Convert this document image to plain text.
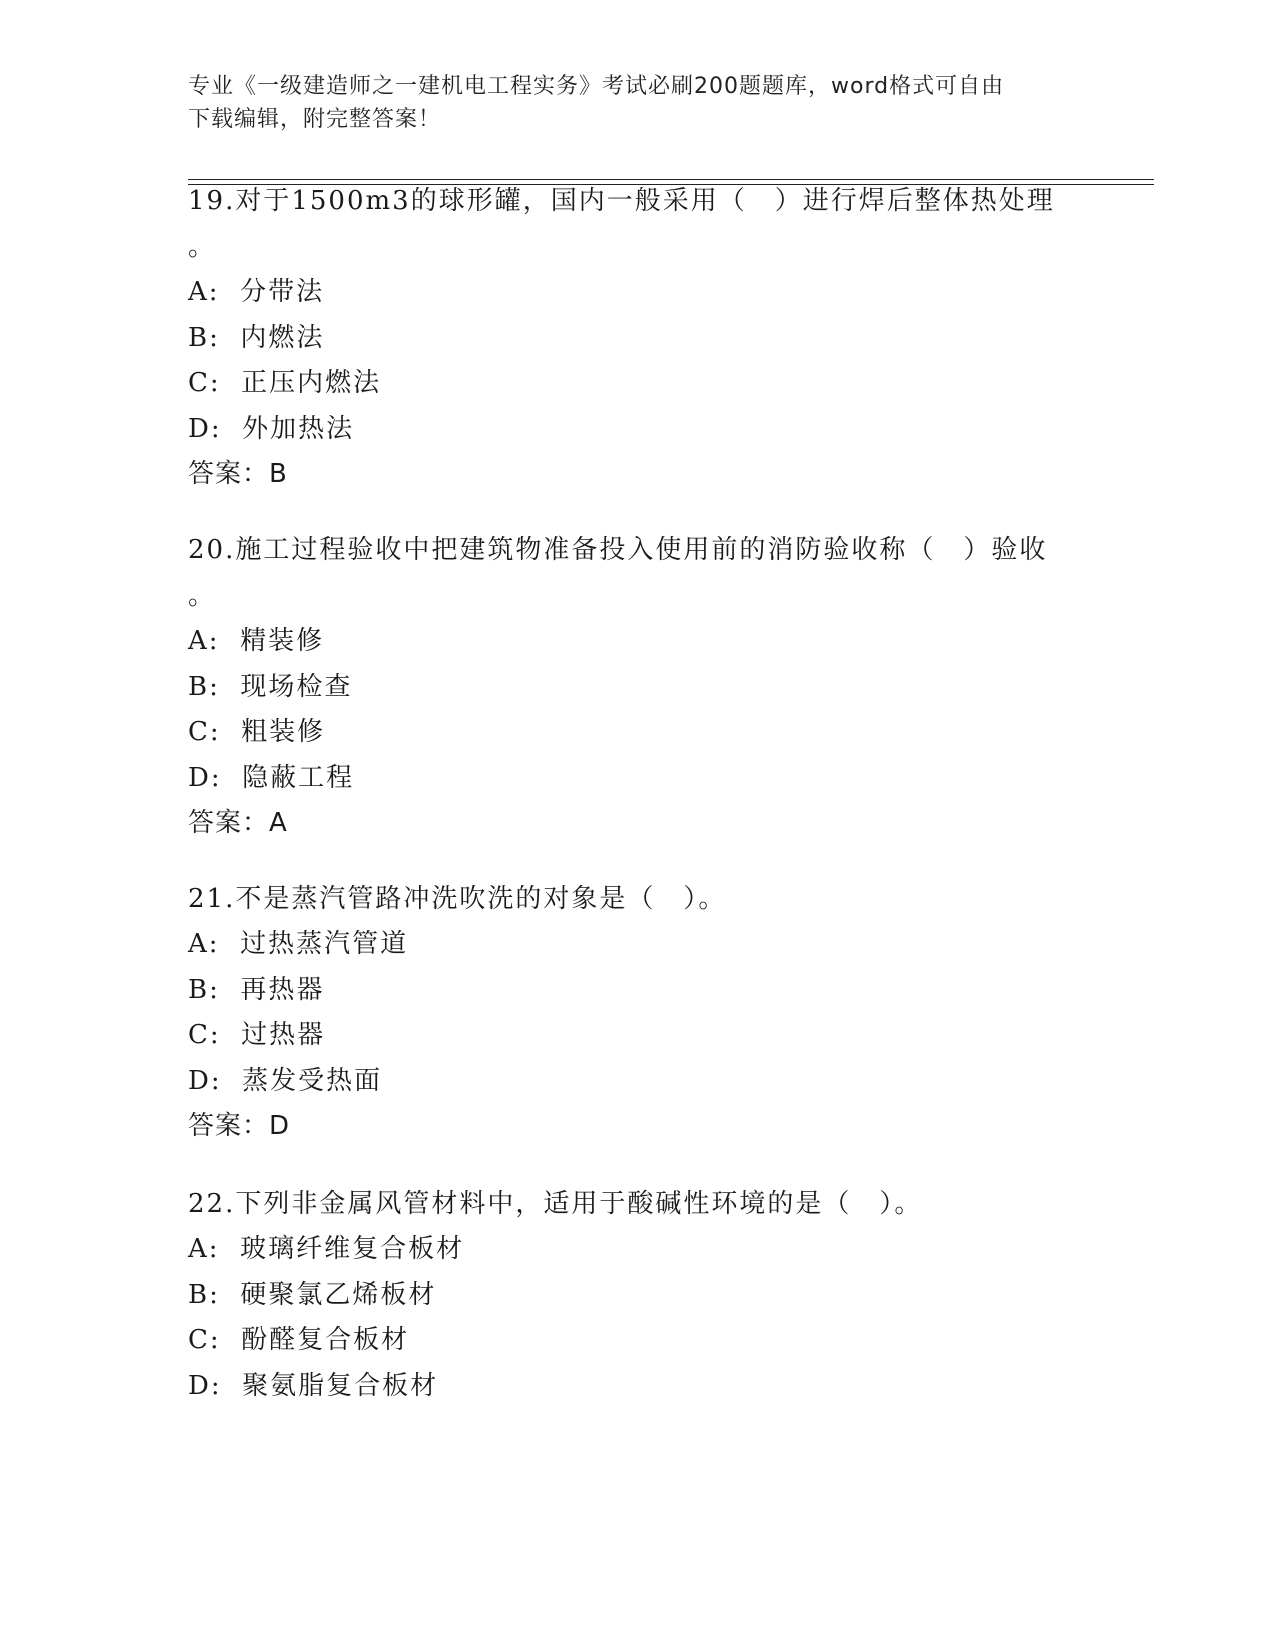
专业《一级建造师之一建机电工程实务》考试必刷200题题库，word格式可自由
下载编辑，附完整答案！
19.对于1500m3的球形罐，国内一般采用（　）进行焊后整体热处理
。
A:  分带法
B:  内燃法
C:  正压内燃法
D:  外加热法
答案：B
20.施工过程验收中把建筑物准备投入使用前的消防验收称（　）验收
。
A:  精装修
B:  现场检查
C:  粗装修
D:  隐蔽工程
答案：A
21.不是蒸汽管路冲洗吹洗的对象是（　）。
A:  过热蒸汽管道
B:  再热器
C:  过热器
D:  蒸发受热面
答案：D
22.下列非金属风管材料中，适用于酸碱性环境的是（　）。
A:  玻璃纤维复合板材
B:  硬聚氯乙烯板材
C:  酚醛复合板材
D:  聚氨脂复合板材
